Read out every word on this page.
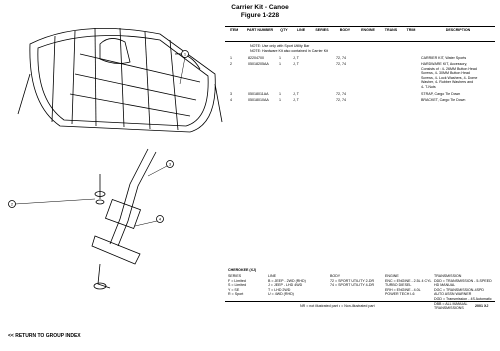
Carrier Kit - Canoe
Figure 1-228
1
2
3
4
ITEM	PART NUMBER	QTY	LINE	SERIES	BODY	ENGINE	TRANS	TRIM	DESCRIPTION
NOTE: Use only with Sport Utility Bar
NOTE: Hardware Kit also contained in Carrier Kit
1	82204700	1	J, T	72, 74	CARRIER KIT, Water Sports
2	05018205AA	1	J, T	72, 74	HARDWARE KIT, Accessory,
Consists of : 4- 26MM Button Head
Screws, 4- 30MM Button Head
Screws, 4- Lock Washers, 4- Dome
Washer, 4- Rubber Washers and
4- T-Nuts
3	05018011AA	1	J, T	72, 74	STRAP, Cargo Tie Down
4	05018010AA	1	J, T	72, 74	BRACKET, Cargo Tie Down
CHEROKEE (XJ)
SERIES
F = Limited
S = Limited
Y = SE
R = Sport
LINE
B = JEEP - 2WD (RHD)
J = JEEP - LHD 4WD
T = LHD 2WD
U = 4WD (RHD)
BODY
72 = SPORT UTILITY 2-DR
74 = SPORT UTILITY 4-DR
ENGINE
ENC = ENGINE - 2.5L 4 CYL
TURBO DIESEL
ERH = ENGINE - 4.0L
POWER TECH I-6
TRANSMISSION
DDD = TRANSMISSION - 5-SPEED
HD MANUAL
DGC = TRANSMISSION-4SPD
AUTO ASSN WARNER
DGD = Transmission - 4S Automatic
DBB = ALL MANUAL
TRANSMISSIONS
NR = not illustrated part • = Non-illustrated part	2001 XJ
<< RETURN TO GROUP INDEX
